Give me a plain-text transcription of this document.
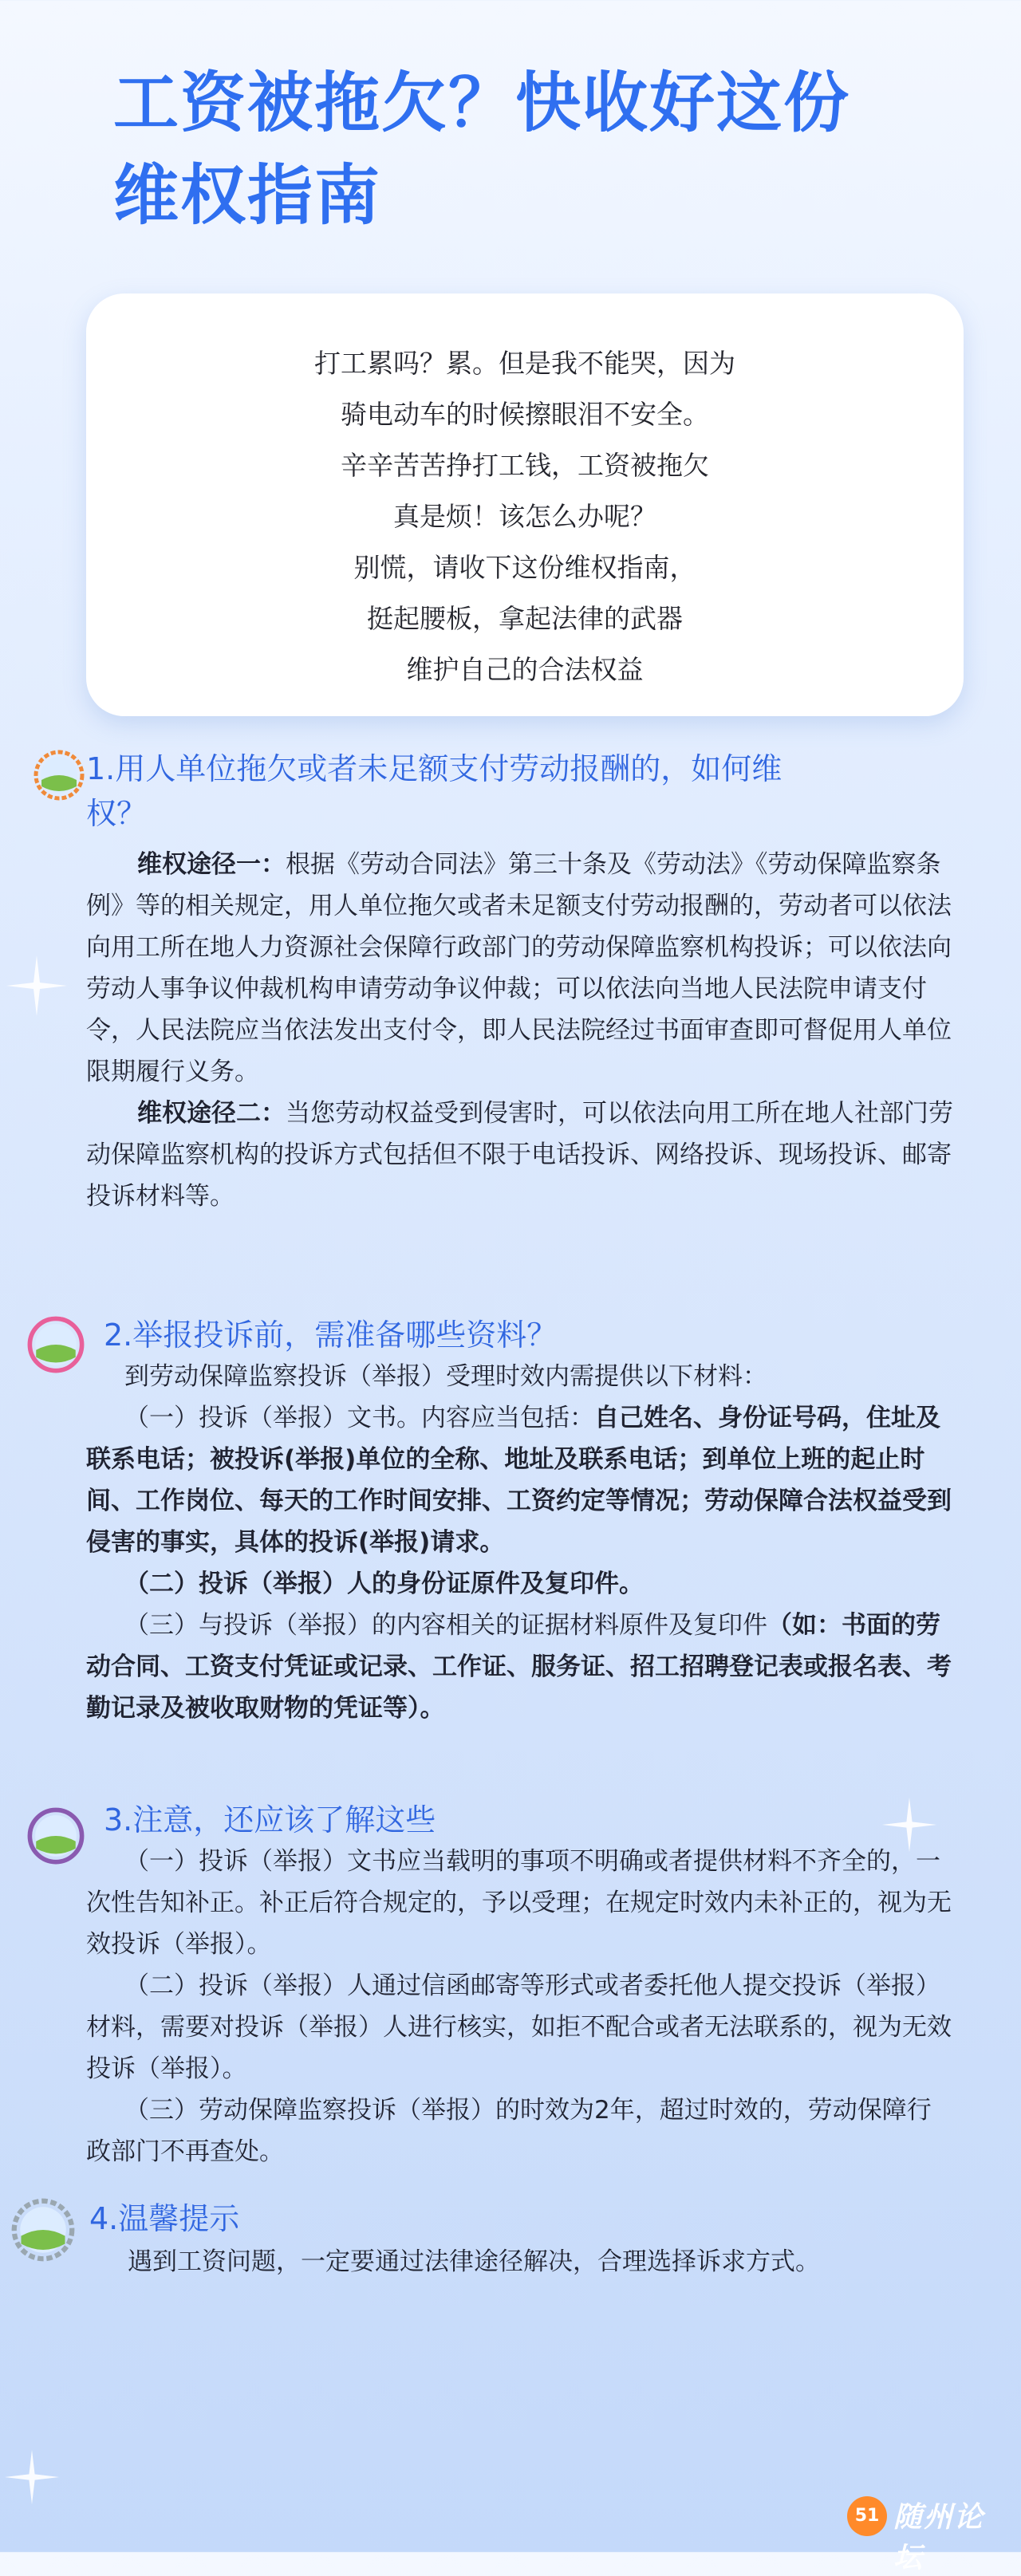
工资被拖欠？快收好这份
维权指南
打工累吗？累。但是我不能哭，因为
骑电动车的时候擦眼泪不安全。
辛辛苦苦挣打工钱，工资被拖欠
真是烦！该怎么办呢？
别慌，请收下这份维权指南，
挺起腰板，拿起法律的武器
维护自己的合法权益
1.用人单位拖欠或者未足额支付劳动报酬的，如何维
权？

维权途径一：根据《劳动合同法》第三十条及《劳动法》《劳动保障监察条例》等的相关规定，用人单位拖欠或者未足额支付劳动报酬的，劳动者可以依法向用工所在地人力资源社会保障行政部门的劳动保障监察机构投诉；可以依法向劳动人事争议仲裁机构申请劳动争议仲裁；可以依法向当地人民法院申请支付令，人民法院应当依法发出支付令，即人民法院经过书面审查即可督促用人单位限期履行义务。

维权途径二：当您劳动权益受到侵害时，可以依法向用工所在地人社部门劳动保障监察机构的投诉方式包括但不限于电话投诉、网络投诉、现场投诉、邮寄投诉材料等。

2.举报投诉前，需准备哪些资料？

到劳动保障监察投诉（举报）受理时效内需提供以下材料：

（一）投诉（举报）文书。内容应当包括：自己姓名、身份证号码，住址及联系电话；被投诉(举报)单位的全称、地址及联系电话；到单位上班的起止时间、工作岗位、每天的工作时间安排、工资约定等情况；劳动保障合法权益受到侵害的事实，具体的投诉(举报)请求。

（二）投诉（举报）人的身份证原件及复印件。

（三）与投诉（举报）的内容相关的证据材料原件及复印件（如：书面的劳动合同、工资支付凭证或记录、工作证、服务证、招工招聘登记表或报名表、考勤记录及被收取财物的凭证等）。

3.注意，还应该了解这些

（一）投诉（举报）文书应当载明的事项不明确或者提供材料不齐全的，一次性告知补正。补正后符合规定的，予以受理；在规定时效内未补正的，视为无效投诉（举报）。

（二）投诉（举报）人通过信函邮寄等形式或者委托他人提交投诉（举报）材料，需要对投诉（举报）人进行核实，如拒不配合或者无法联系的，视为无效投诉（举报）。

（三）劳动保障监察投诉（举报）的时效为2年，超过时效的，劳动保障行政部门不再查处。

4.温馨提示

遇到工资问题，一定要通过法律途径解决，合理选择诉求方式。

51 随州论坛
